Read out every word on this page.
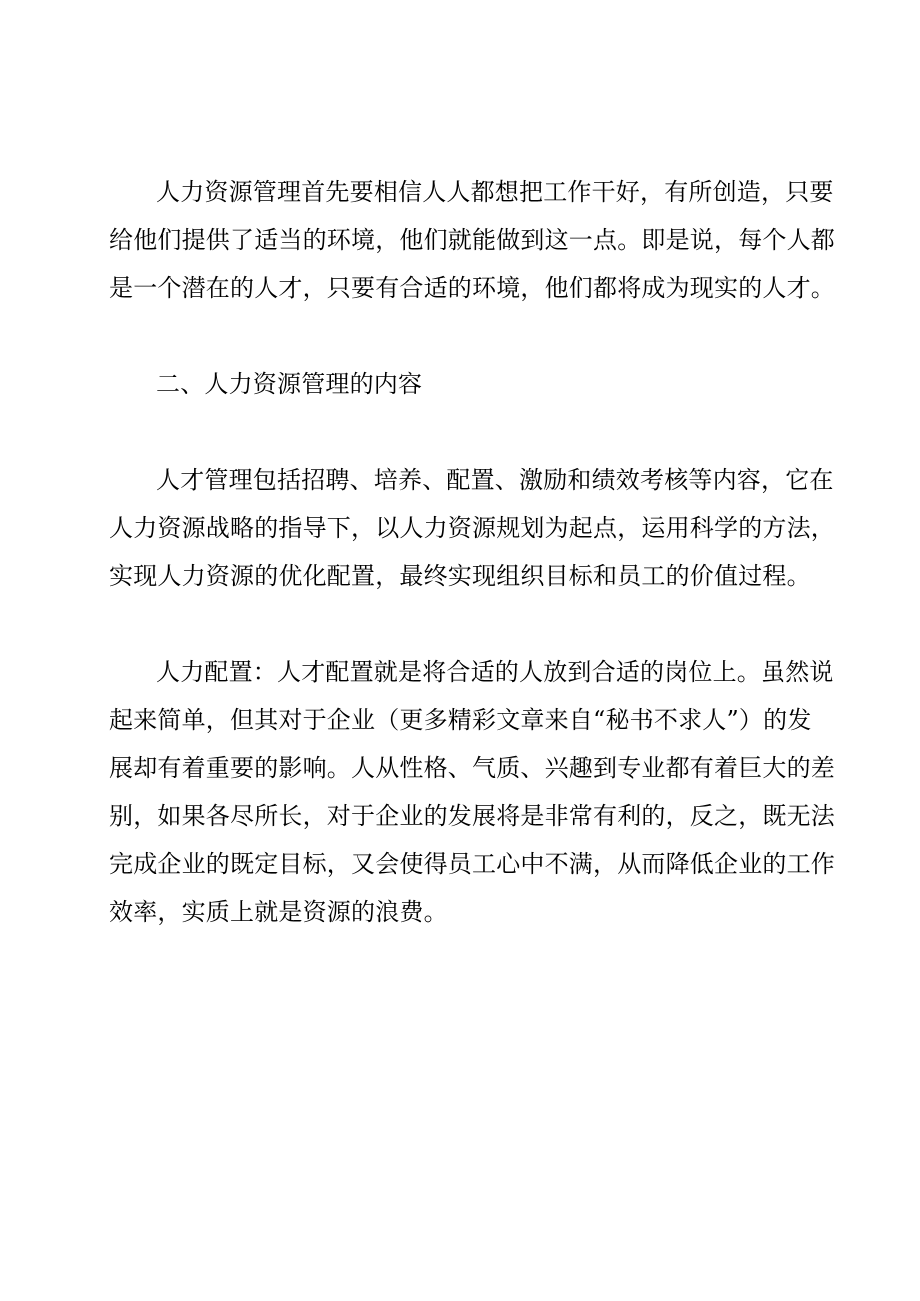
人力资源管理首先要相信人人都想把工作干好，有所创造，只要
给他们提供了适当的环境，他们就能做到这一点。即是说，每个人都
是一个潜在的人才，只要有合适的环境，他们都将成为现实的人才。
二、人力资源管理的内容
人才管理包括招聘、培养、配置、激励和绩效考核等内容，它在
人力资源战略的指导下，以人力资源规划为起点，运用科学的方法，
实现人力资源的优化配置，最终实现组织目标和员工的价值过程。
人力配置：人才配置就是将合适的人放到合适的岗位上。虽然说
起来简单，但其对于企业（更多精彩文章来自“秘书不求人”）的发
展却有着重要的影响。人从性格、气质、兴趣到专业都有着巨大的差
别，如果各尽所长，对于企业的发展将是非常有利的，反之，既无法
完成企业的既定目标，又会使得员工心中不满，从而降低企业的工作
效率，实质上就是资源的浪费。
